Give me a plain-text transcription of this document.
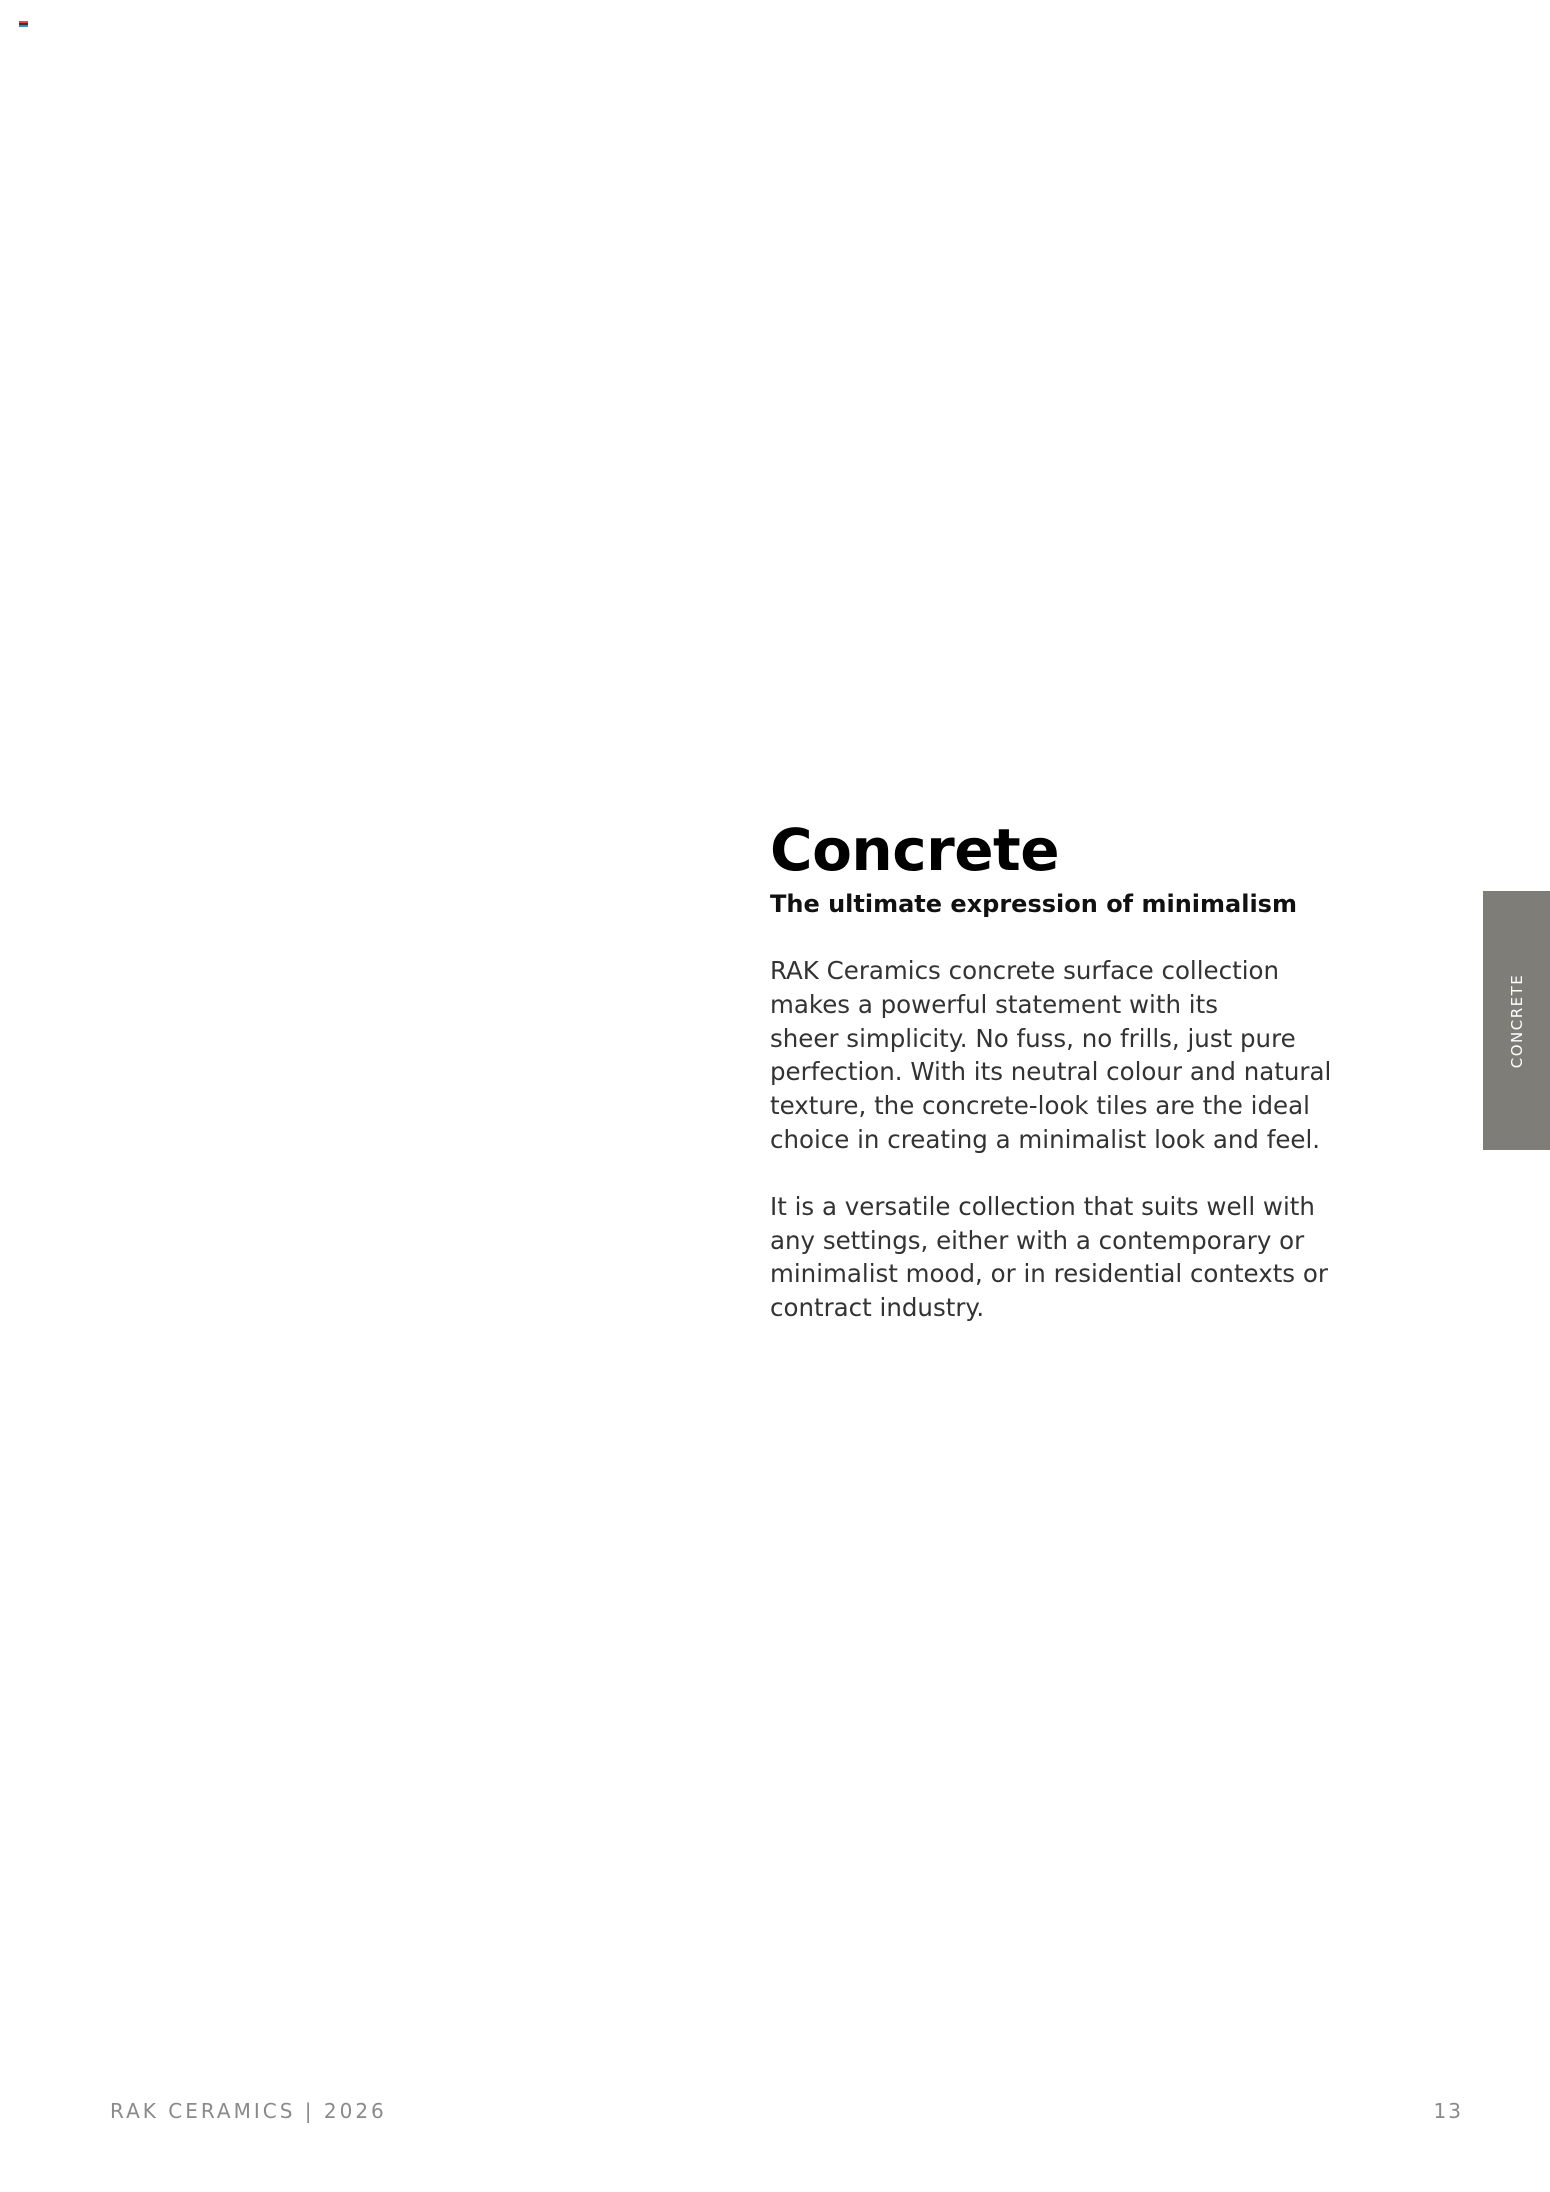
Concrete
The ultimate expression of minimalism

RAK Ceramics concrete surface collection
makes a powerful statement with its
sheer simplicity. No fuss, no frills, just pure
perfection. With its neutral colour and natural
texture, the concrete-look tiles are the ideal
choice in creating a minimalist look and feel.

It is a versatile collection that suits well with
any settings, either with a contemporary or
minimalist mood, or in residential contexts or
contract industry.

CONCRETE
RAK CERAMICS | 2026	13
